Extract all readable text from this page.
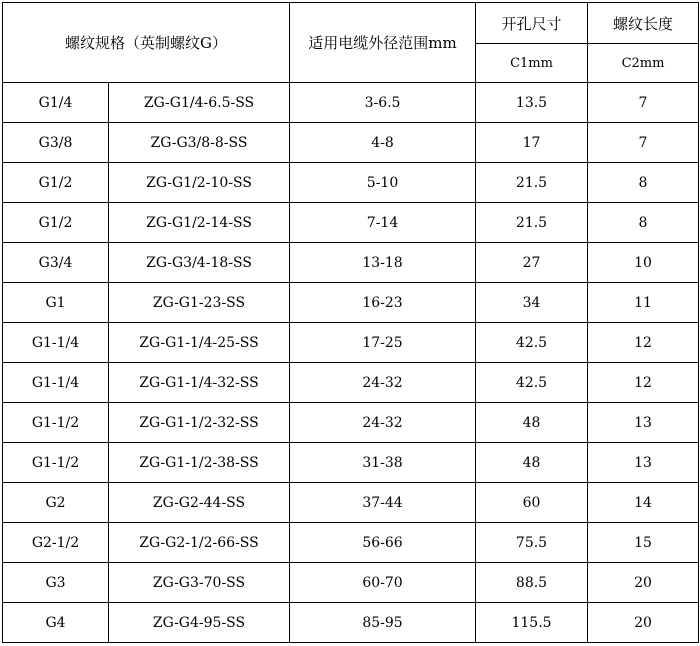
螺纹规格（英制螺纹G）		适用电缆外径范围mm	开孔尺寸	螺纹长度
			C1mm	C2mm
G1/4	ZG-G1/4-6.5-SS	3-6.5	13.5	7
G3/8	ZG-G3/8-8-SS	4-8	17	7
G1/2	ZG-G1/2-10-SS	5-10	21.5	8
G1/2	ZG-G1/2-14-SS	7-14	21.5	8
G3/4	ZG-G3/4-18-SS	13-18	27	10
G1	ZG-G1-23-SS	16-23	34	11
G1-1/4	ZG-G1-1/4-25-SS	17-25	42.5	12
G1-1/4	ZG-G1-1/4-32-SS	24-32	42.5	12
G1-1/2	ZG-G1-1/2-32-SS	24-32	48	13
G1-1/2	ZG-G1-1/2-38-SS	31-38	48	13
G2	ZG-G2-44-SS	37-44	60	14
G2-1/2	ZG-G2-1/2-66-SS	56-66	75.5	15
G3	ZG-G3-70-SS	60-70	88.5	20
G4	ZG-G4-95-SS	85-95	115.5	20
